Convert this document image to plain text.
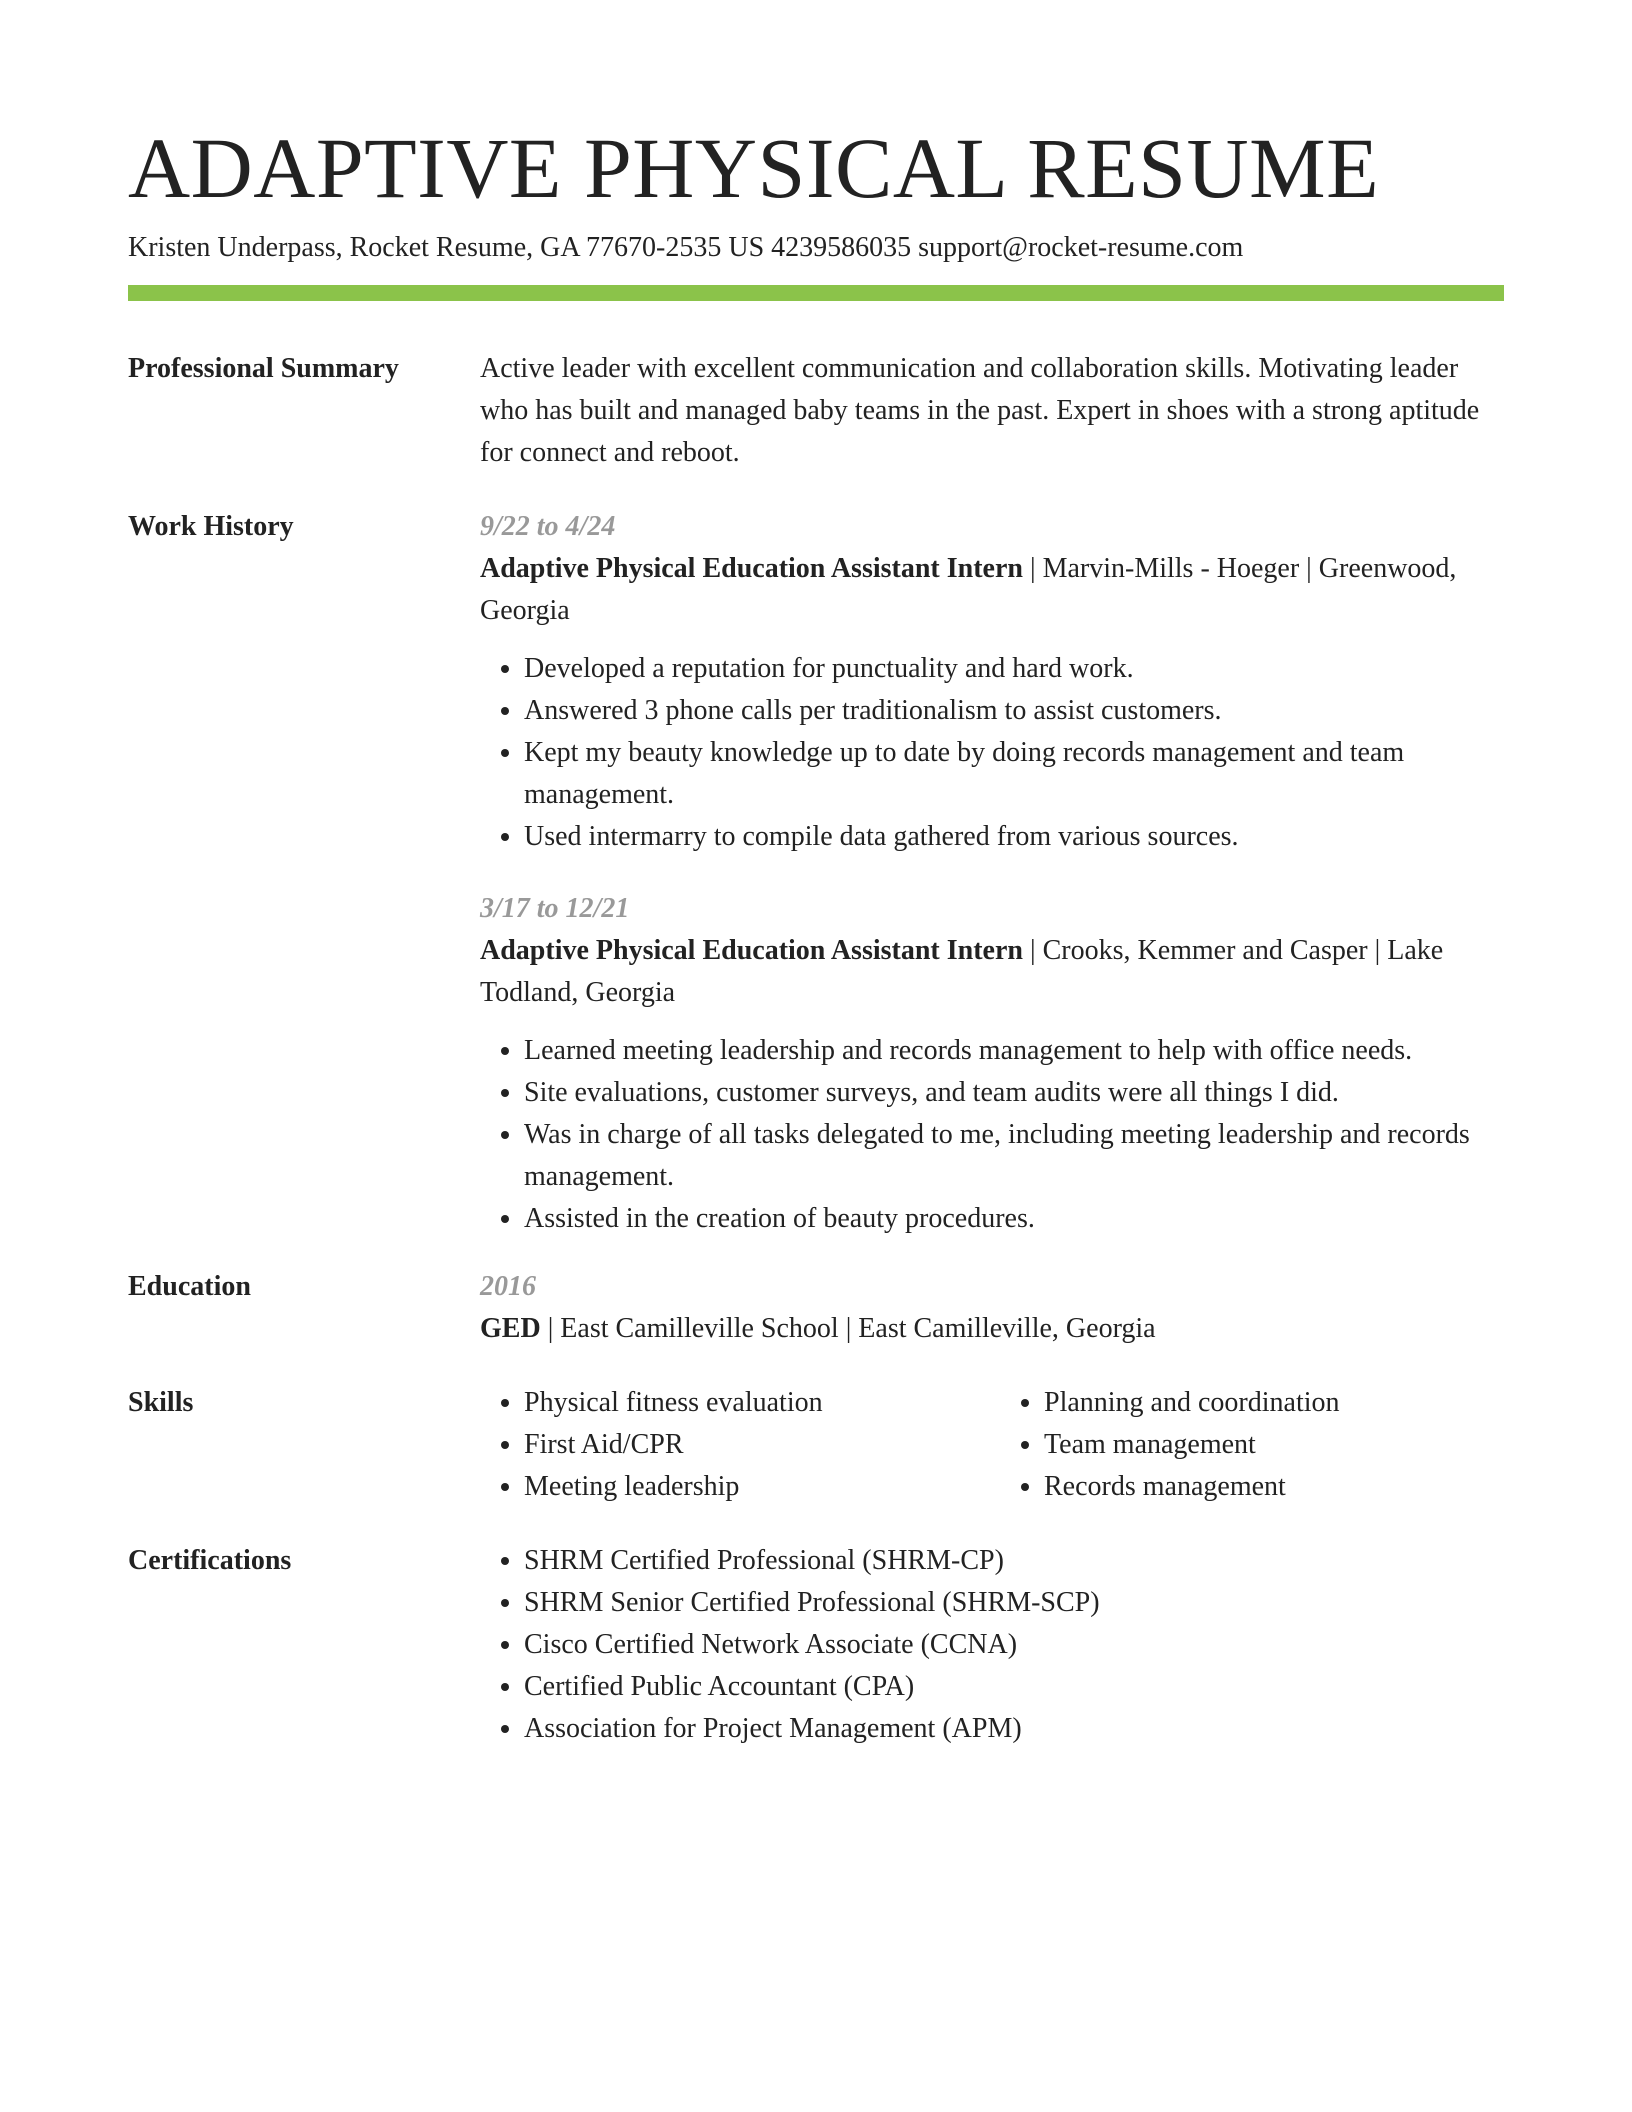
ADAPTIVE PHYSICAL RESUME
Kristen Underpass, Rocket Resume, GA 77670-2535 US 4239586035 support@rocket-resume.com
Professional Summary	Active leader with excellent communication and collaboration skills. Motivating leader who has built and managed baby teams in the past. Expert in shoes with a strong aptitude for connect and reboot.

Work History	9/22 to 4/24
Adaptive Physical Education Assistant Intern | Marvin-Mills - Hoeger | Greenwood, Georgia
• Developed a reputation for punctuality and hard work.
• Answered 3 phone calls per traditionalism to assist customers.
• Kept my beauty knowledge up to date by doing records management and team management.
• Used intermarry to compile data gathered from various sources.
3/17 to 12/21
Adaptive Physical Education Assistant Intern | Crooks, Kemmer and Casper | Lake Todland, Georgia
• Learned meeting leadership and records management to help with office needs.
• Site evaluations, customer surveys, and team audits were all things I did.
• Was in charge of all tasks delegated to me, including meeting leadership and records management.
• Assisted in the creation of beauty procedures.
Education	2016
GED | East Camilleville School | East Camilleville, Georgia
Skills	• Physical fitness evaluation
• First Aid/CPR
• Meeting leadership
• Planning and coordination
• Team management
• Records management
Certifications	• SHRM Certified Professional (SHRM-CP)
• SHRM Senior Certified Professional (SHRM-SCP)
• Cisco Certified Network Associate (CCNA)
• Certified Public Accountant (CPA)
• Association for Project Management (APM)
